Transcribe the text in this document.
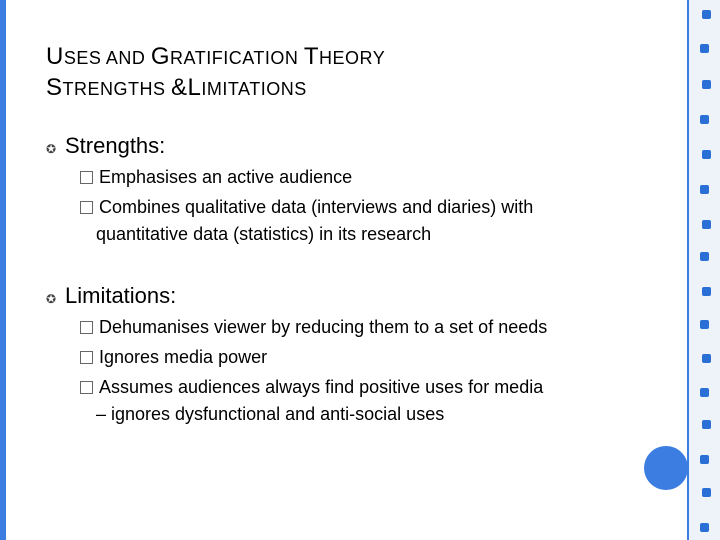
USES AND GRATIFICATION THEORY
STRENGTHS &LIMITATIONS
✪ Strengths:
Emphasises an active audience
Combines qualitative data (interviews and diaries) with
quantitative data (statistics) in its research
✪ Limitations:
Dehumanises viewer by reducing them to a set of needs
Ignores media power
Assumes audiences always find positive uses for media
– ignores dysfunctional and anti-social uses
